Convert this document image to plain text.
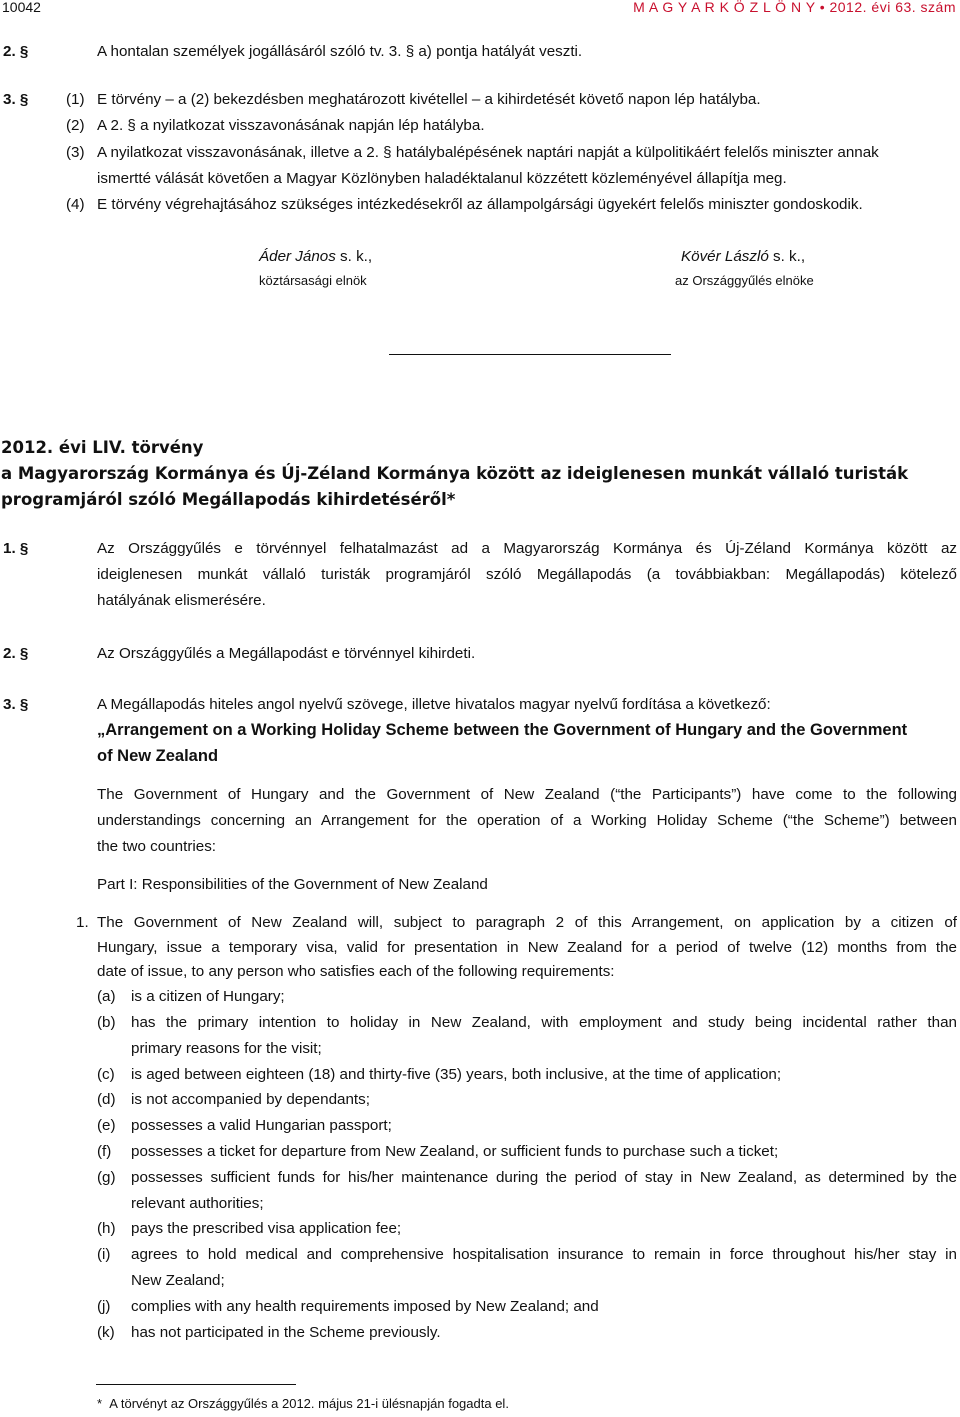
10042	M A G Y A R K Ö Z L Ö N Y • 2012. évi 63. szám
2. §	A hontalan személyek jogállásáról szóló tv. 3. § a) pontja hatályát veszti.
3. § (1) E törvény – a (2) bekezdésben meghatározott kivétellel – a kihirdetését követő napon lép hatályba.
(2) A 2. § a nyilatkozat visszavonásának napján lép hatályba.
(3) A nyilatkozat visszavonásának, illetve a 2. § hatálybalépésének naptári napját a külpolitikáért felelős miniszter annak
ismertté válását követően a Magyar Közlönyben haladéktalanul közzétett közleményével állapítja meg.
(4) E törvény végrehajtásához szükséges intézkedésekről az állampolgársági ügyekért felelős miniszter gondoskodik.
Áder János s. k.,
köztársasági elnök
Kövér László s. k.,
az Országgyűlés elnöke
2012. évi LIV. törvény
a Magyarország Kormánya és Új-Zéland Kormánya között az ideiglenesen munkát vállaló turisták
programjáról szóló Megállapodás kihirdetéséről*
1. §	Az Országgyűlés e törvénnyel felhatalmazást ad a Magyarország Kormánya és Új-Zéland Kormánya között az
ideiglenesen munkát vállaló turisták programjáról szóló Megállapodás (a továbbiakban: Megállapodás) kötelező
hatályának elismerésére.
2. §	Az Országgyűlés a Megállapodást e törvénnyel kihirdeti.
3. §	A Megállapodás hiteles angol nyelvű szövege, illetve hivatalos magyar nyelvű fordítása a következő:
„Arrangement on a Working Holiday Scheme between the Government of Hungary and the Government
of New Zealand
The Government of Hungary and the Government of New Zealand (“the Participants”) have come to the following
understandings concerning an Arrangement for the operation of a Working Holiday Scheme (“the Scheme”) between
the two countries:
Part I: Responsibilities of the Government of New Zealand
1. The Government of New Zealand will, subject to paragraph 2 of this Arrangement, on application by a citizen of
Hungary, issue a temporary visa, valid for presentation in New Zealand for a period of twelve (12) months from the
date of issue, to any person who satisfies each of the following requirements:
(a) is a citizen of Hungary;
(b) has the primary intention to holiday in New Zealand, with employment and study being incidental rather than
primary reasons for the visit;
(c) is aged between eighteen (18) and thirty-five (35) years, both inclusive, at the time of application;
(d) is not accompanied by dependants;
(e) possesses a valid Hungarian passport;
(f) possesses a ticket for departure from New Zealand, or sufficient funds to purchase such a ticket;
(g) possesses sufficient funds for his/her maintenance during the period of stay in New Zealand, as determined by the
relevant authorities;
(h) pays the prescribed visa application fee;
(i) agrees to hold medical and comprehensive hospitalisation insurance to remain in force throughout his/her stay in
New Zealand;
(j) complies with any health requirements imposed by New Zealand; and
(k) has not participated in the Scheme previously.
* A törvényt az Országgyűlés a 2012. május 21-i ülésnapján fogadta el.
